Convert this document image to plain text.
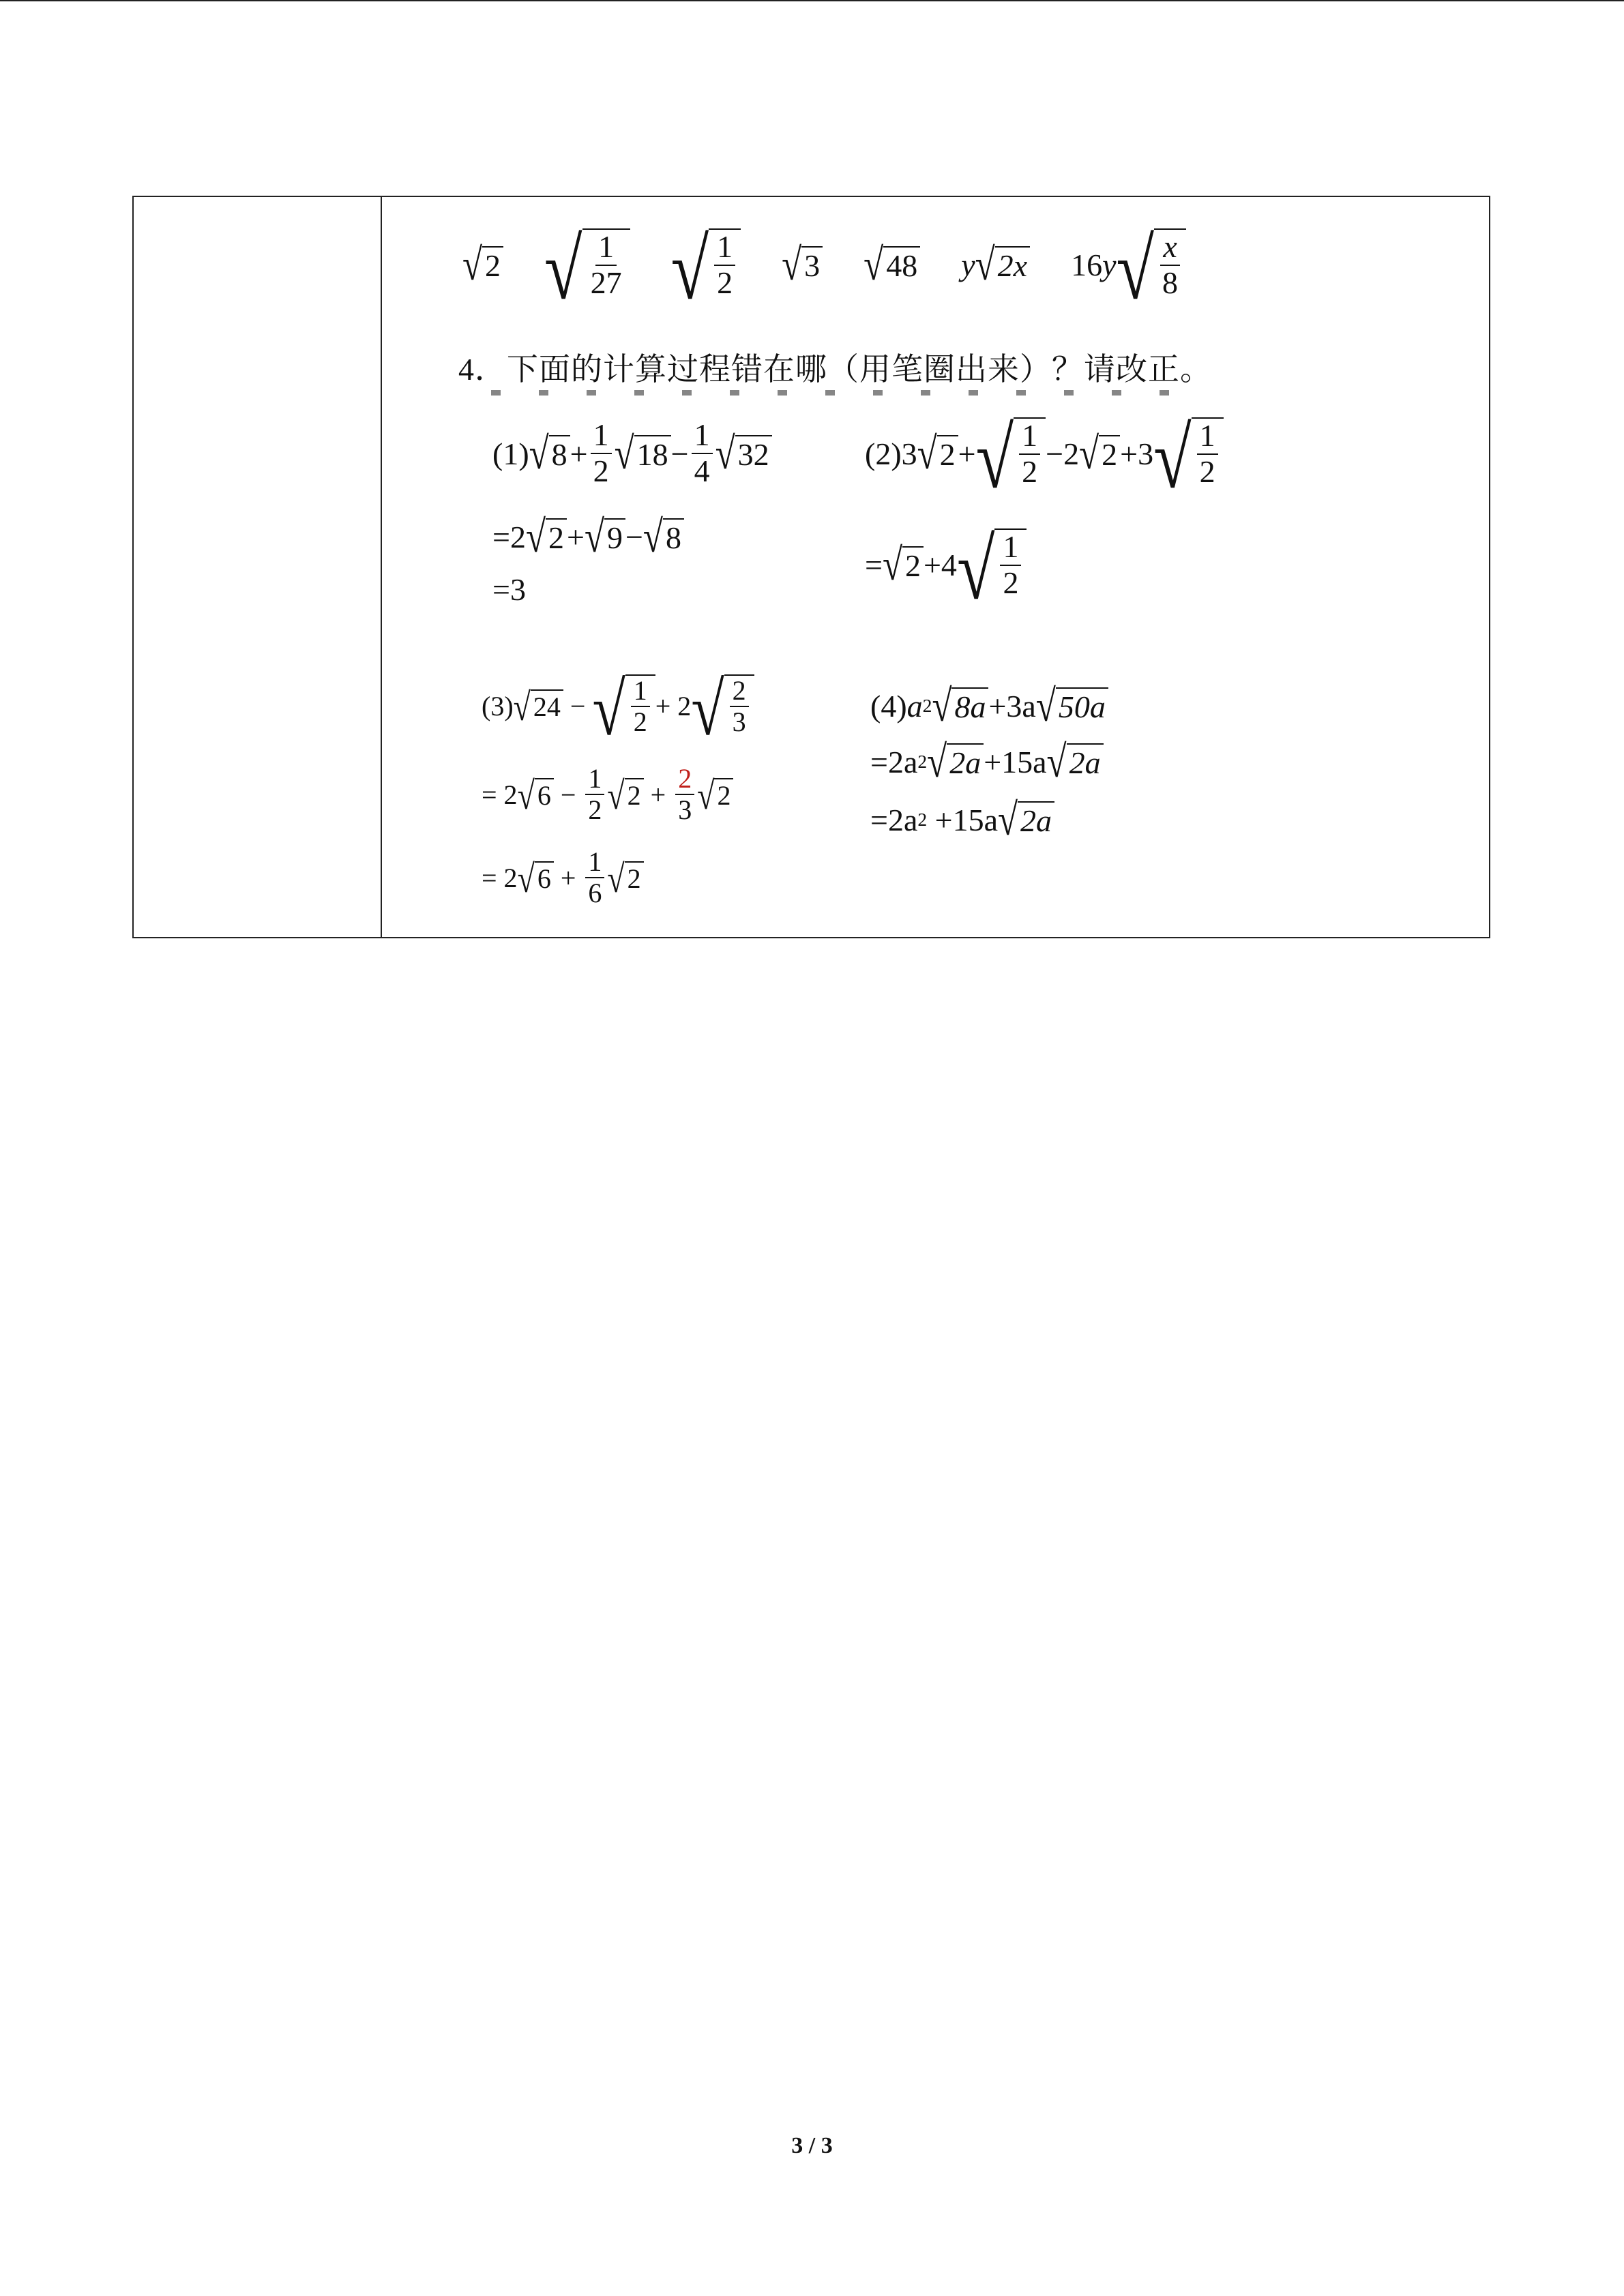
√ 2 √ $\frac{1}{27}$ √ $\frac{1}{2}$ √ 3 √ 48 y √ 2x 16y √ $\frac{x}{8}$
4．下面的计算过程错在哪（用笔圈出来）？请改正。
(1) √ $8 + \frac{1}{2}$ √ $18 - \frac{1}{4}$ √ 32
=2 √ 2 + √ 9 − √ 8
=3
(2) 3 √ 2 + √ $\frac{1}{2} -2$ √ 2 +3 √ $\frac{1}{2}$
= √ 2 +4 √ $\frac{1}{2}$
(3) √ 24 − √ $\frac{1}{2} + 2$ √ $\frac{2}{3}$
= 2 √ $6 - \frac{1}{2}$ √ $2 + \frac{2}{3}$ √ 2
= 2 √ $6 + \frac{1}{6}$ √ 2
(4) a 2 √ 8a +3a √ 50a
=2a 2 √ 2a +15a √ 2a
=2a 2
+15a √ 2a
3 / 3
